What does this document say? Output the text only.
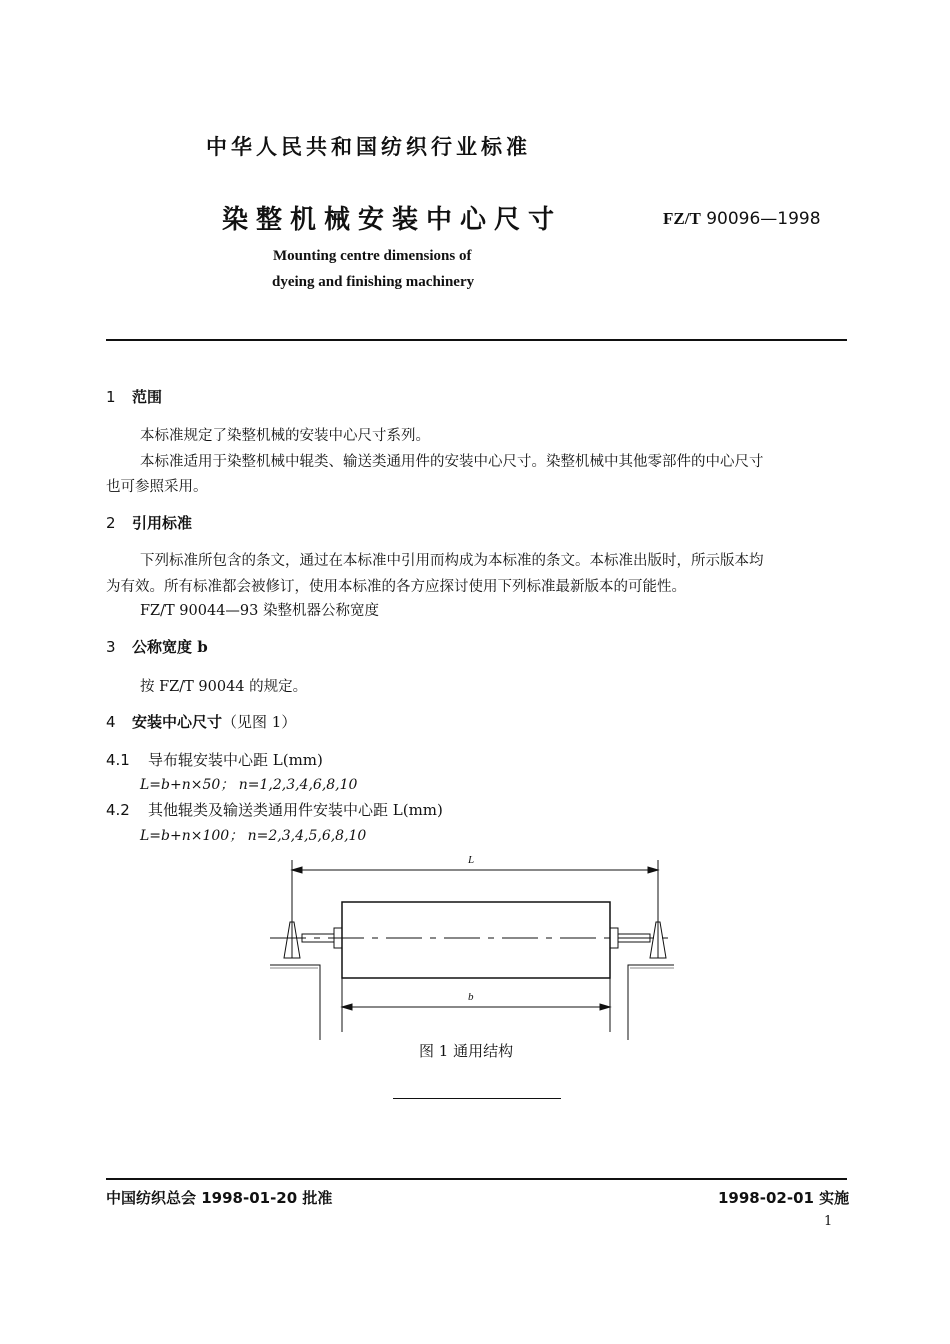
中华人民共和国纺织行业标准
染整机械安装中心尺寸	FZ/T 90096—1998
Mounting centre dimensions of
dyeing and finishing machinery
1 范围
本标准规定了染整机械的安装中心尺寸系列。
本标准适用于染整机械中辊类、输送类通用件的安装中心尺寸。染整机械中其他零部件的中心尺寸
也可参照采用。
2 引用标准
下列标准所包含的条文，通过在本标准中引用而构成为本标准的条文。本标准出版时，所示版本均
为有效。所有标准都会被修订，使用本标准的各方应探讨使用下列标准最新版本的可能性。
FZ/T 90044—93 染整机器公称宽度
3 公称宽度 b
按 FZ/T 90044 的规定。
4 安装中心尺寸（见图 1）
4.1 导布辊安装中心距 L(mm)
L=b+n×50； n=1,2,3,4,6,8,10
4.2 其他辊类及输送类通用件安装中心距 L(mm)
L=b+n×100； n=2,3,4,5,6,8,10
L
b
图 1 通用结构
中国纺织总会 1998-01-20 批准	1998-02-01 实施
1
